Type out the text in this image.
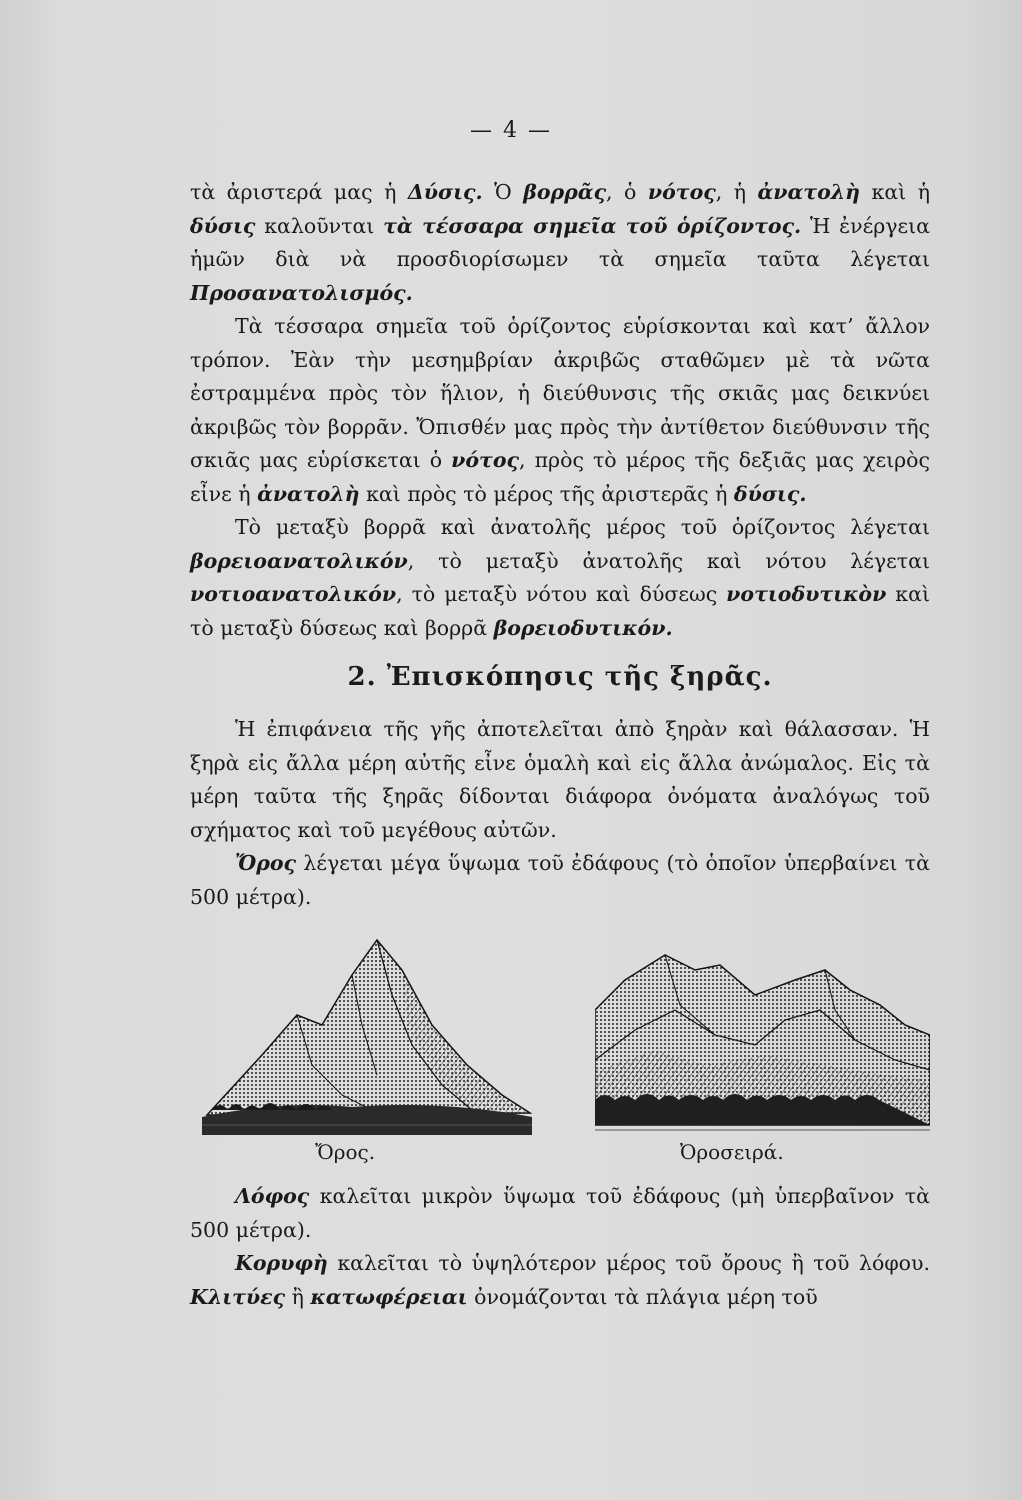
— 4 —

τὰ ἀριστερά μας ἡ Δύσις. Ὁ βορρᾶς, ὁ νότος, ἡ ἀνατολὴ καὶ ἡ δύσις καλοῦνται τὰ τέσσαρα σημεῖα τοῦ ὁρίζοντος. Ἡ ἐνέργεια ἡμῶν διὰ νὰ προσδιορίσωμεν τὰ σημεῖα ταῦτα λέγεται Προσανατολισμός.

Τὰ τέσσαρα σημεῖα τοῦ ὁρίζοντος εὑρίσκονται καὶ κατ’ ἄλλον τρόπον. Ἐὰν τὴν μεσημβρίαν ἀκριβῶς σταθῶμεν μὲ τὰ νῶτα ἐστραμμένα πρὸς τὸν ἥλιον, ἡ διεύθυνσις τῆς σκιᾶς μας δεικνύει ἀκριβῶς τὸν βορρᾶν. Ὄπισθέν μας πρὸς τὴν ἀντίθετον διεύθυνσιν τῆς σκιᾶς μας εὑρίσκεται ὁ νότος, πρὸς τὸ μέρος τῆς δεξιᾶς μας χειρὸς εἶνε ἡ ἀνατολὴ καὶ πρὸς τὸ μέρος τῆς ἀριστερᾶς ἡ δύσις.

Τὸ μεταξὺ βορρᾶ καὶ ἀνατολῆς μέρος τοῦ ὁρίζοντος λέγεται βορειοανατολικόν, τὸ μεταξὺ ἀνατολῆς καὶ νότου λέγεται νοτιοανατολικόν, τὸ μεταξὺ νότου καὶ δύσεως νοτιοδυτικὸν καὶ τὸ μεταξὺ δύσεως καὶ βορρᾶ βορειοδυτικόν.

2. Ἐπισκόπησις τῆς ξηρᾶς.

Ἡ ἐπιφάνεια τῆς γῆς ἀποτελεῖται ἀπὸ ξηρὰν καὶ θάλασσαν. Ἡ ξηρὰ εἰς ἄλλα μέρη αὐτῆς εἶνε ὁμαλὴ καὶ εἰς ἄλλα ἀνώμαλος. Εἰς τὰ μέρη ταῦτα τῆς ξηρᾶς δίδονται διάφορα ὀνόματα ἀναλόγως τοῦ σχήματος καὶ τοῦ μεγέθους αὐτῶν.

Ὄρος λέγεται μέγα ὕψωμα τοῦ ἐδάφους (τὸ ὁποῖον ὑπερβαίνει τὰ 500 μέτρα).

Ὄρος.	Ὀροσειρά.

Λόφος καλεῖται μικρὸν ὕψωμα τοῦ ἐδάφους (μὴ ὑπερβαῖνον τὰ 500 μέτρα).

Κορυφὴ καλεῖται τὸ ὑψηλότερον μέρος τοῦ ὄρους ἢ τοῦ λόφου. Κλιτύες ἢ κατωφέρειαι ὀνομάζονται τὰ πλάγια μέρη τοῦ
